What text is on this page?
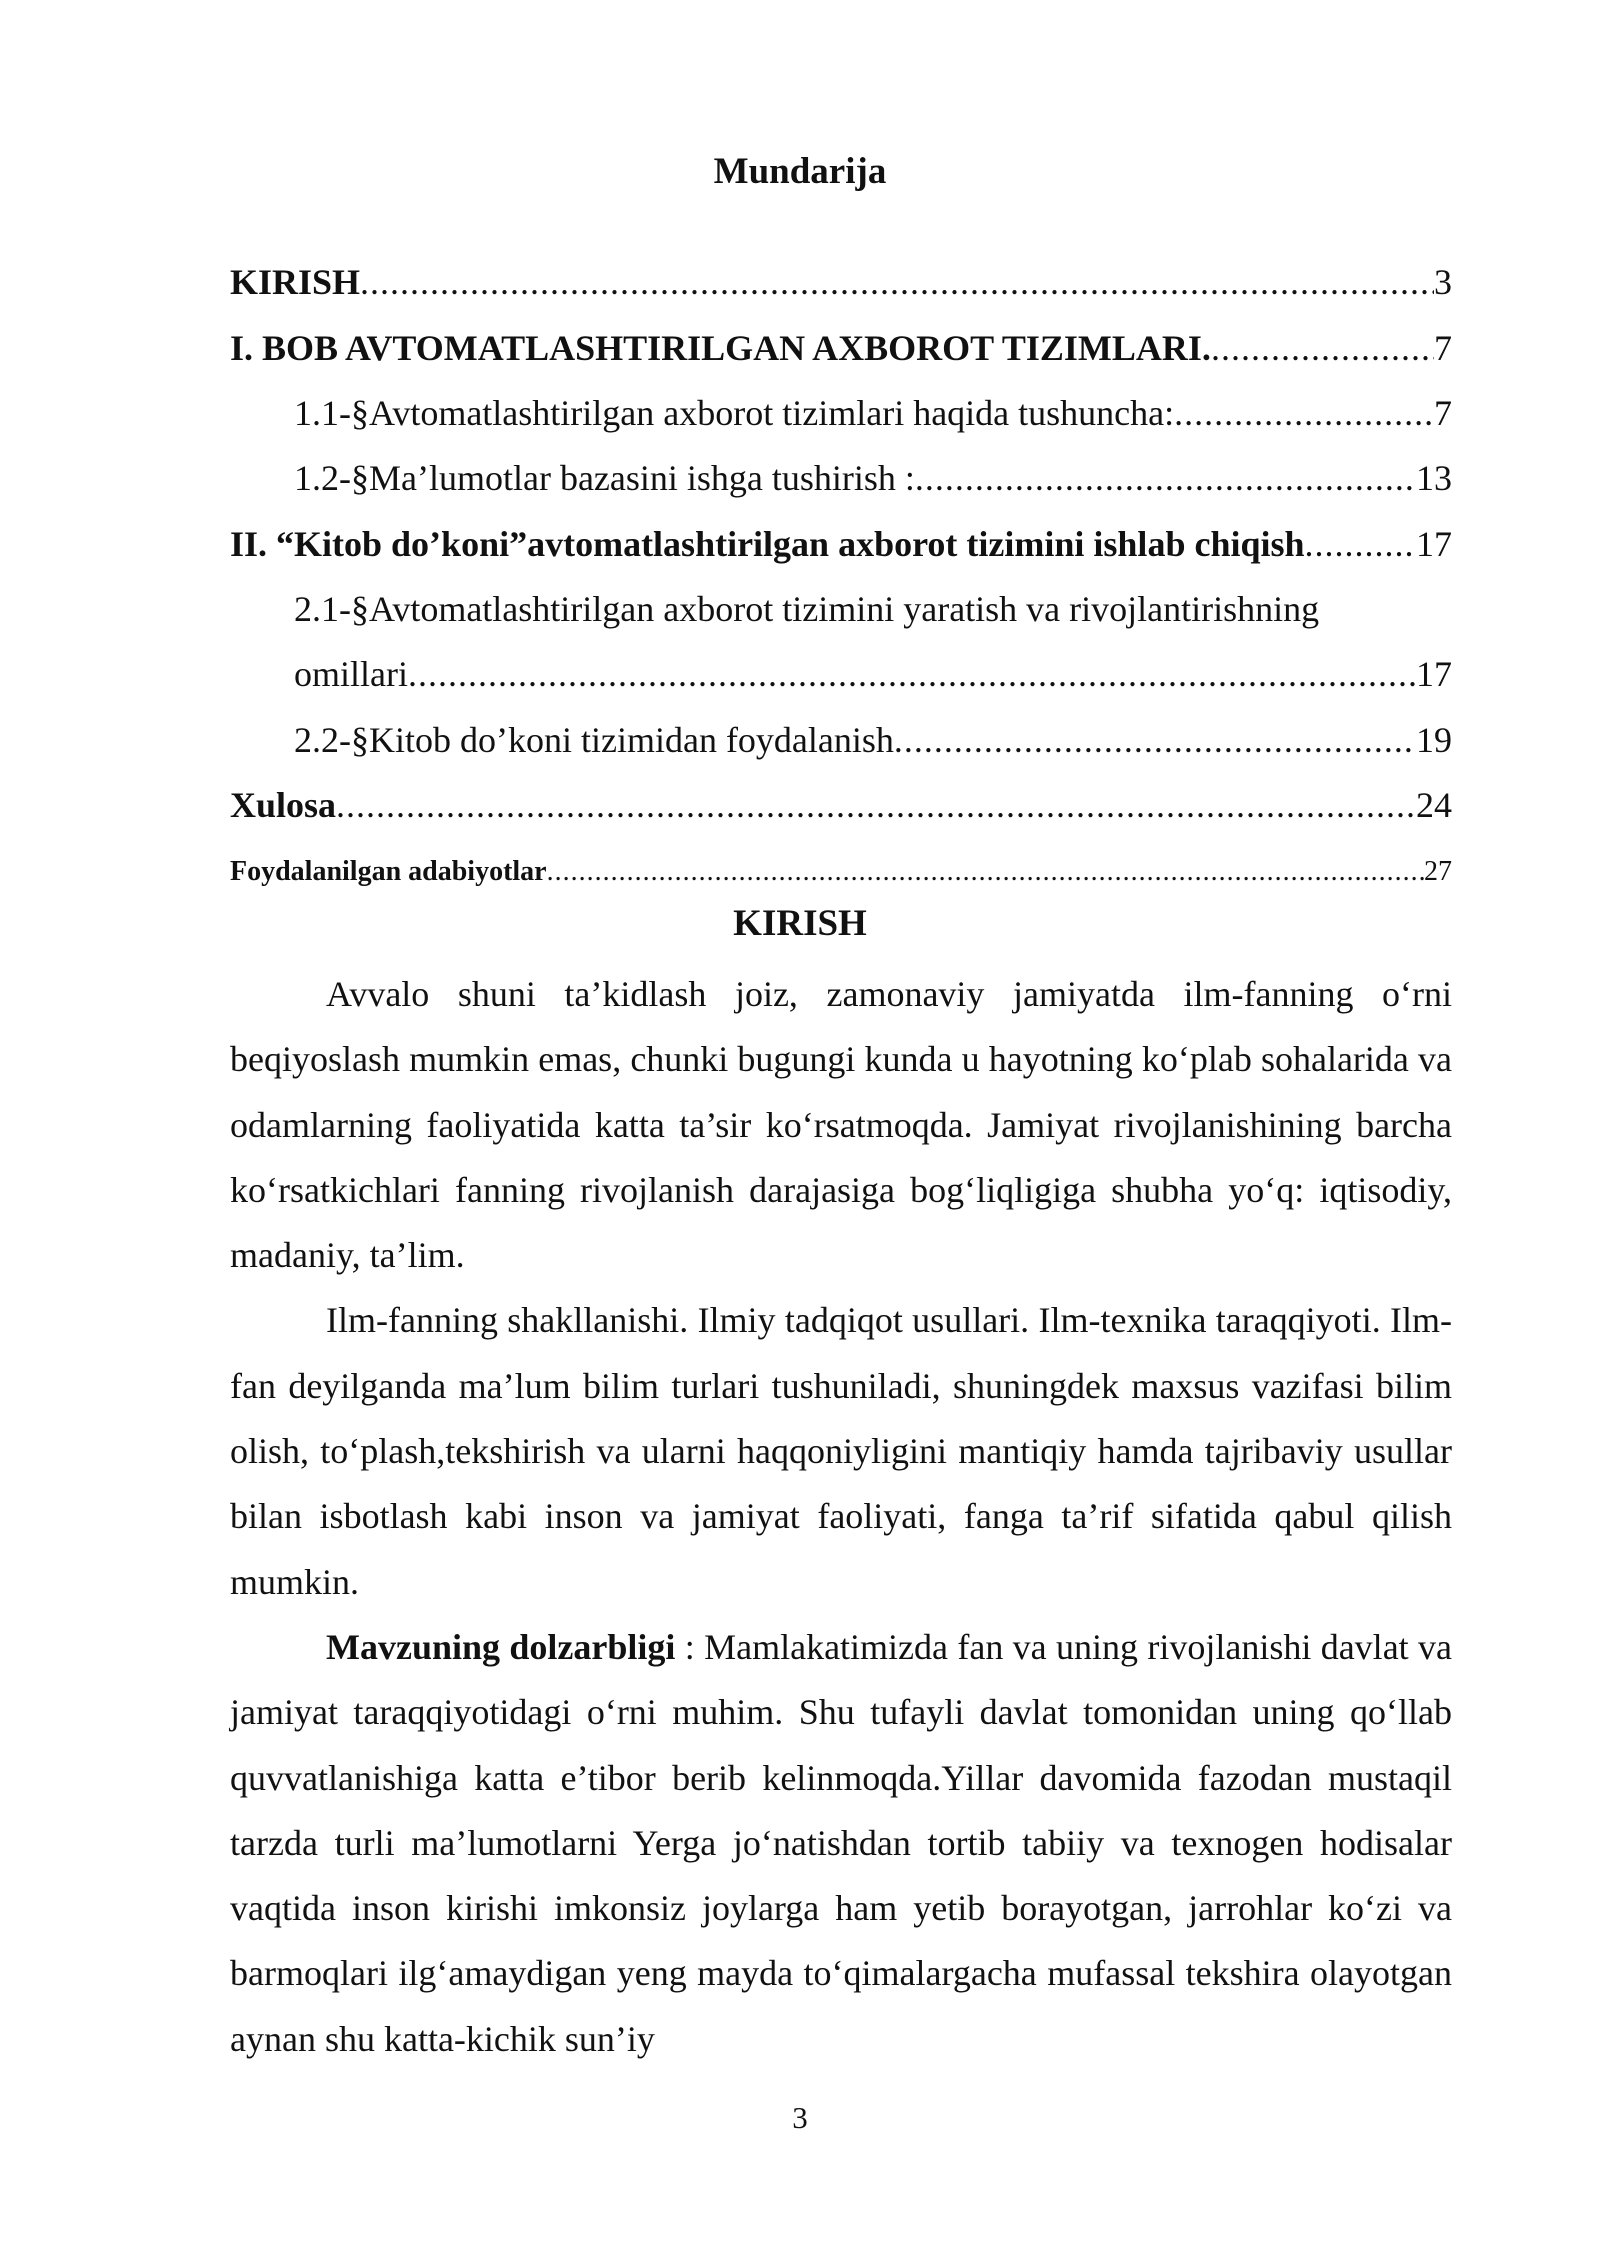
Mundarija
KIRISH .....	3
I. BOB AVTOMATLASHTIRILGAN AXBOROT TIZIMLARI. .....	7
1.1-§Avtomatlashtirilgan axborot tizimlari haqida tushuncha: .....	7
1.2-§Ma’lumotlar bazasini ishga tushirish : .....	13
II. “Kitob do’koni”avtomatlashtirilgan axborot tizimini ishlab chiqish .....	17
2.1-§Avtomatlashtirilgan axborot tizimini yaratish va rivojlantirishning
omillari .....	17
2.2-§Kitob do’koni tizimidan foydalanish .....	19
Xulosa .....	24
Foydalanilgan adabiyotlar .....	27
KIRISH

Avvalo shuni ta’kidlash joiz, zamonaviy jamiyatda ilm-fanning oʻrni beqiyoslash mumkin emas, chunki bugungi kunda u hayotning koʻplab sohalarida va odamlarning faoliyatida katta ta’sir koʻrsatmoqda. Jamiyat rivojlanishining barcha koʻrsatkichlari fanning rivojlanish darajasiga bogʻliqligiga shubha yoʻq: iqtisodiy, madaniy, ta’lim.

Ilm-fanning shakllanishi. Ilmiy tadqiqot usullari. Ilm-texnika taraqqiyoti. Ilm-fan deyilganda ma’lum bilim turlari tushuniladi, shuningdek maxsus vazifasi bilim olish, toʻplash,tekshirish va ularni haqqoniyligini mantiqiy hamda tajribaviy usullar bilan isbotlash kabi inson va jamiyat faoliyati, fanga ta’rif sifatida qabul qilish mumkin.

Mavzuning dolzarbligi : Mamlakatimizda fan va uning rivojlanishi davlat va jamiyat taraqqiyotidagi oʻrni muhim. Shu tufayli davlat tomonidan uning qoʻllab quvvatlanishiga katta e’tibor berib kelinmoqda.Yillar davomida fazodan mustaqil tarzda turli ma’lumotlarni Yerga joʻnatishdan tortib tabiiy va texnogen hodisalar vaqtida inson kirishi imkonsiz joylarga ham yetib borayotgan, jarrohlar koʻzi va barmoqlari ilgʻamaydigan yeng mayda toʻqimalargacha mufassal tekshira olayotgan aynan shu katta-kichik sun’iy

3
